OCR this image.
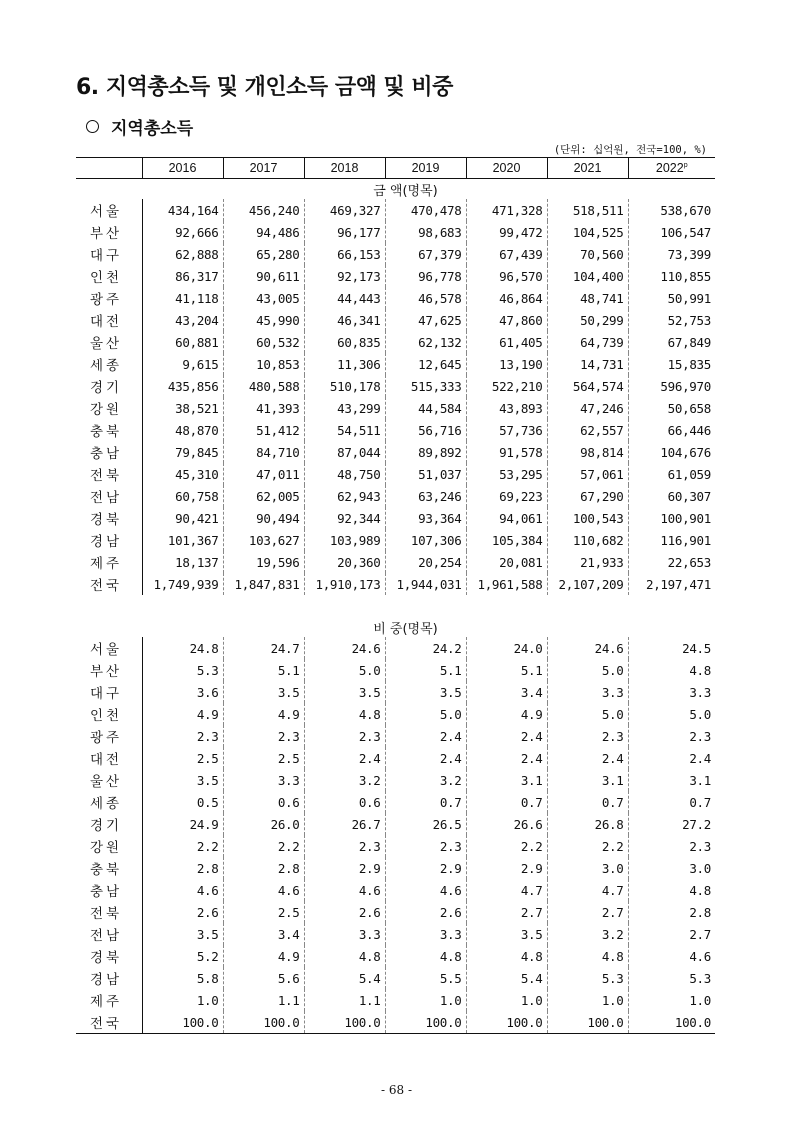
6. 지역총소득 및 개인소득 금액 및 비중
지역총소득
(단위: 십억원, 전국=100, %)
	2016	2017	2018	2019	2020	2021	2022$^p$
금 액(명목)							
서울	434,164	456,240	469,327	470,478	471,328	518,511	538,670
부산	92,666	94,486	96,177	98,683	99,472	104,525	106,547
대구	62,888	65,280	66,153	67,379	67,439	70,560	73,399
인천	86,317	90,611	92,173	96,778	96,570	104,400	110,855
광주	41,118	43,005	44,443	46,578	46,864	48,741	50,991
대전	43,204	45,990	46,341	47,625	47,860	50,299	52,753
울산	60,881	60,532	60,835	62,132	61,405	64,739	67,849
세종	9,615	10,853	11,306	12,645	13,190	14,731	15,835
경기	435,856	480,588	510,178	515,333	522,210	564,574	596,970
강원	38,521	41,393	43,299	44,584	43,893	47,246	50,658
충북	48,870	51,412	54,511	56,716	57,736	62,557	66,446
충남	79,845	84,710	87,044	89,892	91,578	98,814	104,676
전북	45,310	47,011	48,750	51,037	53,295	57,061	61,059
전남	60,758	62,005	62,943	63,246	69,223	67,290	60,307
경북	90,421	90,494	92,344	93,364	94,061	100,543	100,901
경남	101,367	103,627	103,989	107,306	105,384	110,682	116,901
제주	18,137	19,596	20,360	20,254	20,081	21,933	22,653
전국	1,749,939	1,847,831	1,910,173	1,944,031	1,961,588	2,107,209	2,197,471

비 중(명목)							
서울	24.8	24.7	24.6	24.2	24.0	24.6	24.5
부산	5.3	5.1	5.0	5.1	5.1	5.0	4.8
대구	3.6	3.5	3.5	3.5	3.4	3.3	3.3
인천	4.9	4.9	4.8	5.0	4.9	5.0	5.0
광주	2.3	2.3	2.3	2.4	2.4	2.3	2.3
대전	2.5	2.5	2.4	2.4	2.4	2.4	2.4
울산	3.5	3.3	3.2	3.2	3.1	3.1	3.1
세종	0.5	0.6	0.6	0.7	0.7	0.7	0.7
경기	24.9	26.0	26.7	26.5	26.6	26.8	27.2
강원	2.2	2.2	2.3	2.3	2.2	2.2	2.3
충북	2.8	2.8	2.9	2.9	2.9	3.0	3.0
충남	4.6	4.6	4.6	4.6	4.7	4.7	4.8
전북	2.6	2.5	2.6	2.6	2.7	2.7	2.8
전남	3.5	3.4	3.3	3.3	3.5	3.2	2.7
경북	5.2	4.9	4.8	4.8	4.8	4.8	4.6
경남	5.8	5.6	5.4	5.5	5.4	5.3	5.3
제주	1.0	1.1	1.1	1.0	1.0	1.0	1.0
전국	100.0	100.0	100.0	100.0	100.0	100.0	100.0
- 68 -
